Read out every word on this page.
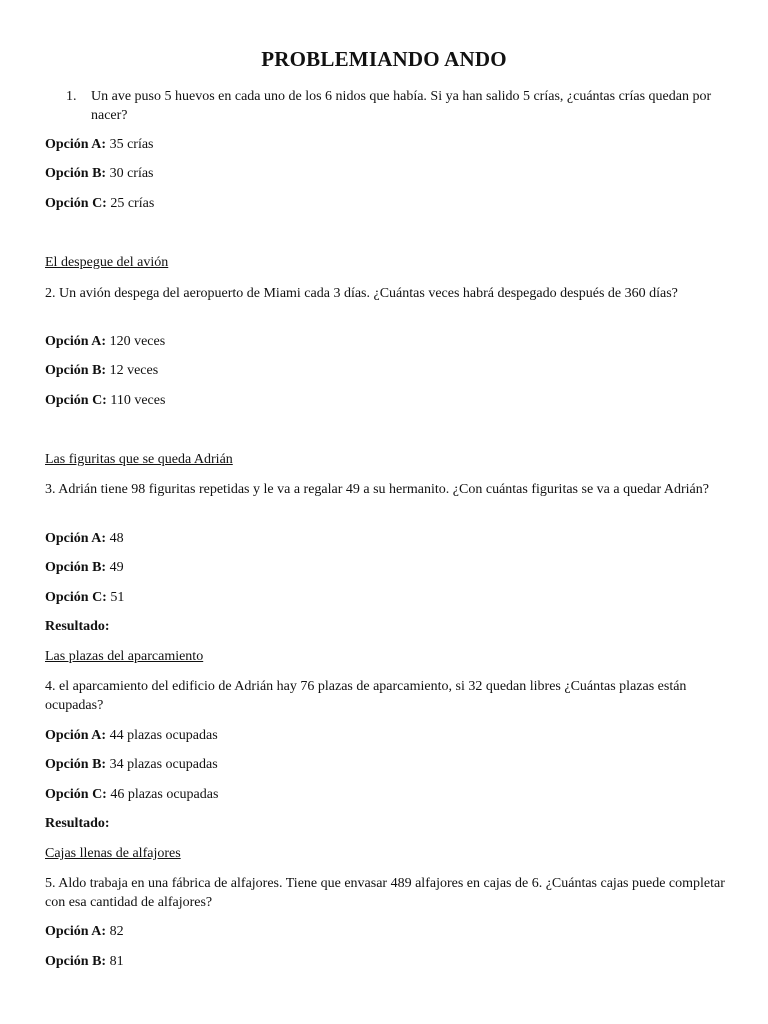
PROBLEMIANDO ANDO
1. Un ave puso 5 huevos en cada uno de los 6 nidos que había. Si ya han salido 5 crías, ¿cuántas crías quedan por nacer?
Opción A: 35 crías
Opción B: 30 crías
Opción C: 25 crías
El despegue del avión
2. Un avión despega del aeropuerto de Miami cada 3 días. ¿Cuántas veces habrá despegado después de 360 días?
Opción A: 120 veces
Opción B: 12 veces
Opción C: 110 veces
Las figuritas que se queda Adrián
3. Adrián tiene 98 figuritas repetidas y le va a regalar 49 a su hermanito. ¿Con cuántas figuritas se va a quedar Adrián?
Opción A: 48
Opción B: 49
Opción C: 51
Resultado:
Las plazas del aparcamiento
4. el aparcamiento del edificio de Adrián hay 76 plazas de aparcamiento, si 32 quedan libres ¿Cuántas plazas están ocupadas?
Opción A: 44 plazas ocupadas
Opción B: 34 plazas ocupadas
Opción C: 46 plazas ocupadas
Resultado:
Cajas llenas de alfajores
5. Aldo trabaja en una fábrica de alfajores. Tiene que envasar 489 alfajores en cajas de 6. ¿Cuántas cajas puede completar con esa cantidad de alfajores?
Opción A: 82
Opción B: 81
